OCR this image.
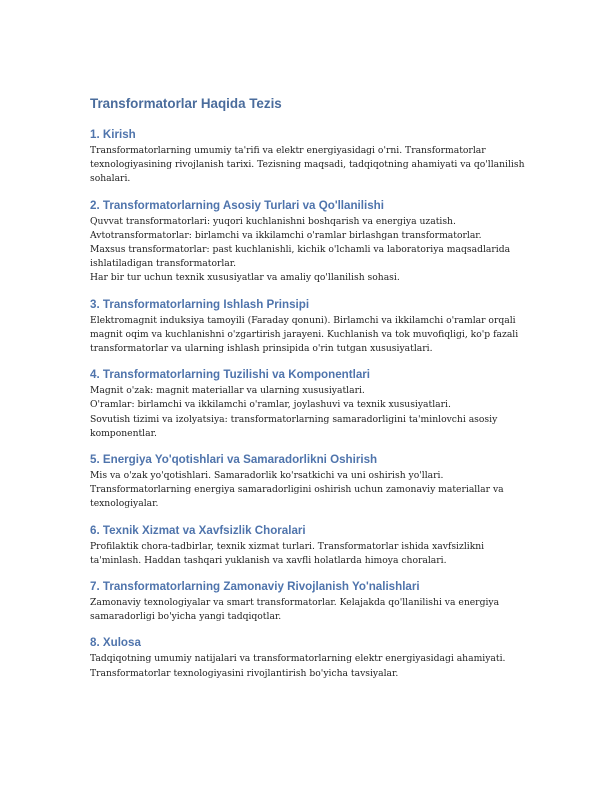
Transformatorlar Haqida Tezis
1. Kirish

Transformatorlarning umumiy ta'rifi va elektr energiyasidagi o'rni. Transformatorlar
texnologiyasining rivojlanish tarixi. Tezisning maqsadi, tadqiqotning ahamiyati va qo'llanilish
sohalari.

2. Transformatorlarning Asosiy Turlari va Qo'llanilishi

Quvvat transformatorlari: yuqori kuchlanishni boshqarish va energiya uzatish.
Avtotransformatorlar: birlamchi va ikkilamchi o'ramlar birlashgan transformatorlar.
Maxsus transformatorlar: past kuchlanishli, kichik o'lchamli va laboratoriya maqsadlarida
ishlatiladigan transformatorlar.
Har bir tur uchun texnik xususiyatlar va amaliy qo'llanilish sohasi.

3. Transformatorlarning Ishlash Prinsipi

Elektromagnit induksiya tamoyili (Faraday qonuni). Birlamchi va ikkilamchi o'ramlar orqali
magnit oqim va kuchlanishni o'zgartirish jarayeni. Kuchlanish va tok muvofiqligi, ko'p fazali
transformatorlar va ularning ishlash prinsipida o'rin tutgan xususiyatlari.

4. Transformatorlarning Tuzilishi va Komponentlari

Magnit o'zak: magnit materiallar va ularning xususiyatlari.
O'ramlar: birlamchi va ikkilamchi o'ramlar, joylashuvi va texnik xususiyatlari.
Sovutish tizimi va izolyatsiya: transformatorlarning samaradorligini ta'minlovchi asosiy
komponentlar.

5. Energiya Yo'qotishlari va Samaradorlikni Oshirish

Mis va o'zak yo'qotishlari. Samaradorlik ko'rsatkichi va uni oshirish yo'llari.
Transformatorlarning energiya samaradorligini oshirish uchun zamonaviy materiallar va
texnologiyalar.

6. Texnik Xizmat va Xavfsizlik Choralari

Profilaktik chora-tadbirlar, texnik xizmat turlari. Transformatorlar ishida xavfsizlikni
ta'minlash. Haddan tashqari yuklanish va xavfli holatlarda himoya choralari.

7. Transformatorlarning Zamonaviy Rivojlanish Yo'nalishlari

Zamonaviy texnologiyalar va smart transformatorlar. Kelajakda qo'llanilishi va energiya
samaradorligi bo'yicha yangi tadqiqotlar.

8. Xulosa

Tadqiqotning umumiy natijalari va transformatorlarning elektr energiyasidagi ahamiyati.
Transformatorlar texnologiyasini rivojlantirish bo'yicha tavsiyalar.
